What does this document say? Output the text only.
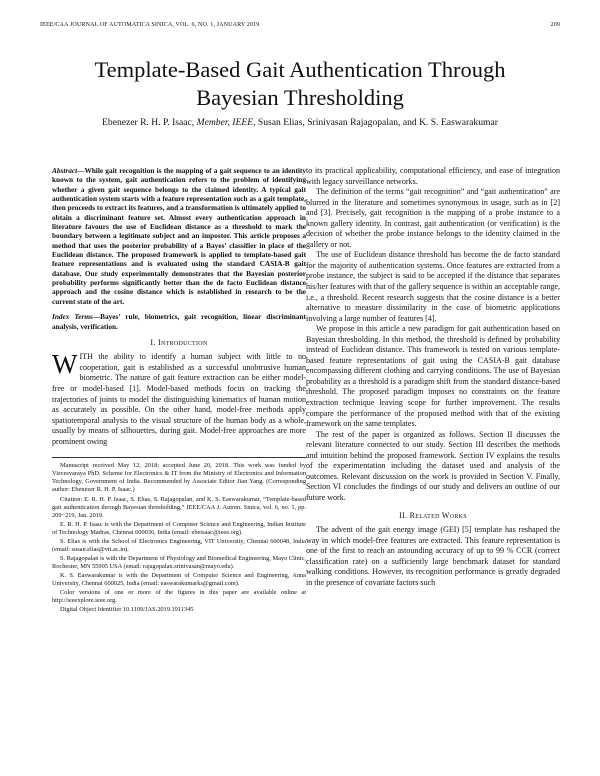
IEEE/CAA JOURNAL OF AUTOMATICA SINICA, VOL. 6, NO. 1, JANUARY 2019	209
Template-Based Gait Authentication Through
Bayesian Thresholding
Ebenezer R. H. P. Isaac, Member, IEEE, Susan Elias, Srinivasan Rajagopalan, and K. S. Easwarakumar

Abstract—While gait recognition is the mapping of a gait sequence to an identity known to the system, gait authentication refers to the problem of identifying whether a given gait sequence belongs to the claimed identity. A typical gait authentication system starts with a feature representation such as a gait template, then proceeds to extract its features, and a transformation is ultimately applied to obtain a discriminant feature set. Almost every authentication approach in literature favours the use of Euclidean distance as a threshold to mark the boundary between a legitimate subject and an impostor. This article proposes a method that uses the posterior probability of a Bayes’ classifier in place of the Euclidean distance. The proposed framework is applied to template-based gait feature representations and is evaluated using the standard CASIA-B gait database. Our study experimentally demonstrates that the Bayesian posterior probability performs significantly better than the de facto Euclidean distance approach and the cosine distance which is established in research to be the current state of the art.

Index Terms—Bayes’ rule, biometrics, gait recognition, linear discriminant analysis, verification.

I. Introduction

WITH the ability to identify a human subject with little to no cooperation, gait is established as a successful unobtrusive human biometric. The nature of gait feature extraction can be either model-free or model-based [1]. Model-based methods focus on tracking the trajectories of joints to model the distinguishing kinematics of human motion as accurately as possible. On the other hand, model-free methods apply spatiotemporal analysis to the visual structure of the human body as a whole, usually by means of silhouettes, during gait. Model-free approaches are more prominent owing

Manuscript received May 12, 2018; accepted June 20, 2018. This work was funded by Visvesvaraya PhD. Scheme for Electronics & IT from the Ministry of Electronics and Information Technology, Government of India. Recommended by Associate Editor Jian Yang. (Corresponding author: Ebenezer R. H. P. Isaac.)

Citation: E. R. H. P. Isaac, S. Elias, S. Rajagopalan, and K. S. Easwarakumar, “Template-based gait authentication through Bayesian thresholding,” IEEE/CAA J. Autom. Sinica, vol. 6, no. 1, pp. 209−219, Jan. 2019.

E. R. H. P. Isaac is with the Department of Computer Science and Engineering, Indian Institute of Technology Madras, Chennai 600036, India (email: ebeisaac@ieee.org).

S. Elias is with the School of Electronics Engineering, VIT University, Chennai 600048, India (email: susan.elias@vit.ac.in).

S. Rajagopalan is with the Department of Physiology and Biomedical Engineering, Mayo Clinic, Rochester, MN 55905 USA (email: rajagopalan.srinivasan@mayo.edu).

K. S. Easwarakumar is with the Department of Computer Science and Engineering, Anna University, Chennai 600025, India (email: easwarakumarks@gmail.com).

Color versions of one or more of the figures in this paper are available online at http://ieeexplore.ieee.org.

Digital Object Identifier 10.1109/JAS.2019.1911345

to its practical applicability, computational efficiency, and ease of integration with legacy surveillance networks.

The definition of the terms “gait recognition” and “gait authentication” are blurred in the literature and sometimes synonymous in usage, such as in [2] and [3]. Precisely, gait recognition is the mapping of a probe instance to a known gallery identity. In contrast, gait authentication (or verification) is the decision of whether the probe instance belongs to the identity claimed in the gallery or not.

The use of Euclidean distance threshold has become the de facto standard for the majority of authentication systems. Once features are extracted from a probe instance, the subject is said to be accepted if the distance that separates his/her features with that of the gallery sequence is within an acceptable range, i.e., a threshold. Recent research suggests that the cosine distance is a better alternative to measure dissimilarity in the case of biometric applications involving a large number of features [4].

We propose in this article a new paradigm for gait authentication based on Bayesian thresholding. In this method, the threshold is defined by probability instead of Euclidean distance. This framework is tested on various template-based feature representations of gait using the CASIA-B gait database encompassing different clothing and carrying conditions. The use of Bayesian probability as a threshold is a paradigm shift from the standard distance-based threshold. The proposed paradigm imposes no constraints on the feature extraction technique leaving scope for further improvement. The results compare the performance of the proposed method with that of the existing framework on the same templates.

The rest of the paper is organized as follows. Section II discusses the relevant literature connected to our study. Section III describes the methods and intuition behind the proposed framework. Section IV explains the results of the experimentation including the dataset used and analysis of the outcomes. Relevant discussion on the work is provided in Section V. Finally, Section VI concludes the findings of our study and delivers an outline of our future work.

II. Related Works

The advent of the gait energy image (GEI) [5] template has reshaped the way in which model-free features are extracted. This feature representation is one of the first to reach an astounding accuracy of up to 99 % CCR (correct classification rate) on a sufficiently large benchmark dataset for standard walking conditions. However, its recognition performance is greatly degraded in the presence of covariate factors such
